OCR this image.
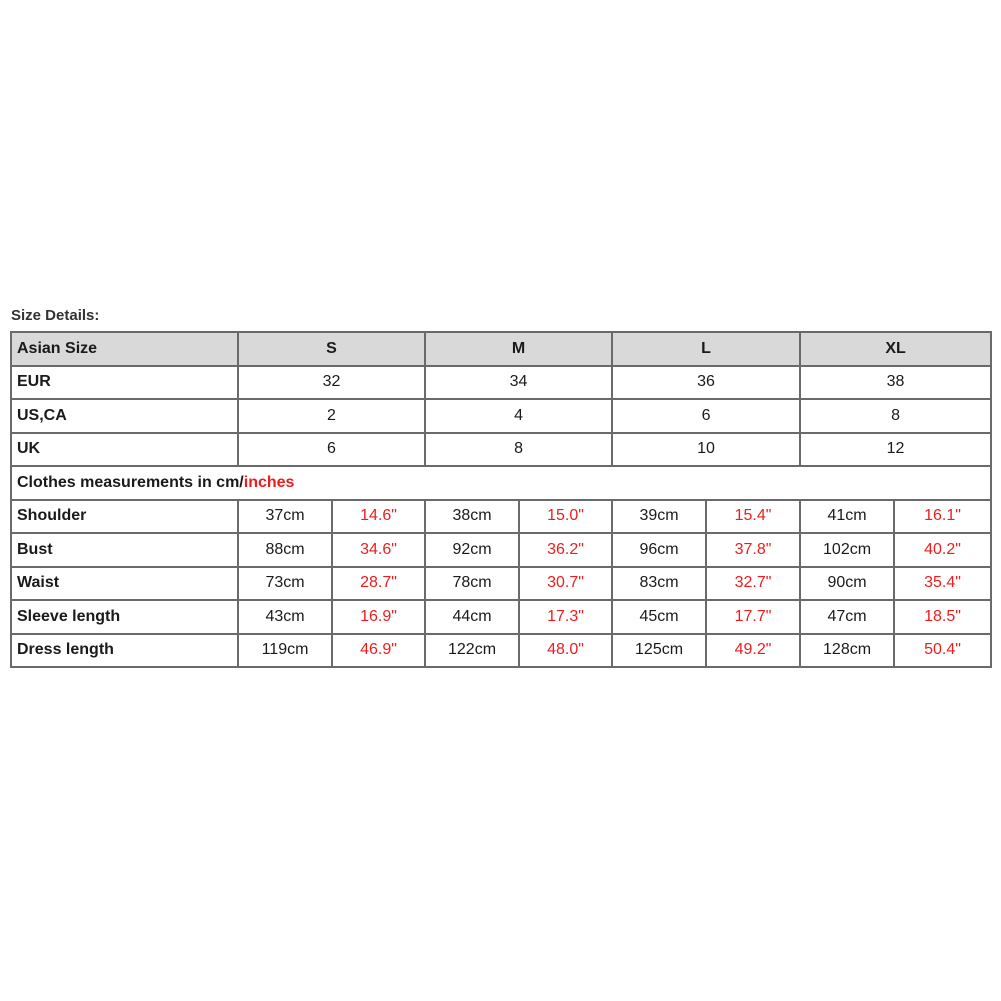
Size Details:
Asian Size	S		M		L		XL	
EUR	32		34		36		38	
US,CA	2		4		6		8	
UK	6		8		10		12	
Clothes measurements in cm/inches								
Shoulder	37cm	14.6"	38cm	15.0"	39cm	15.4"	41cm	16.1"
Bust	88cm	34.6"	92cm	36.2"	96cm	37.8"	102cm	40.2"
Waist	73cm	28.7"	78cm	30.7"	83cm	32.7"	90cm	35.4"
Sleeve length	43cm	16.9"	44cm	17.3"	45cm	17.7"	47cm	18.5"
Dress length	119cm	46.9"	122cm	48.0"	125cm	49.2"	128cm	50.4"
